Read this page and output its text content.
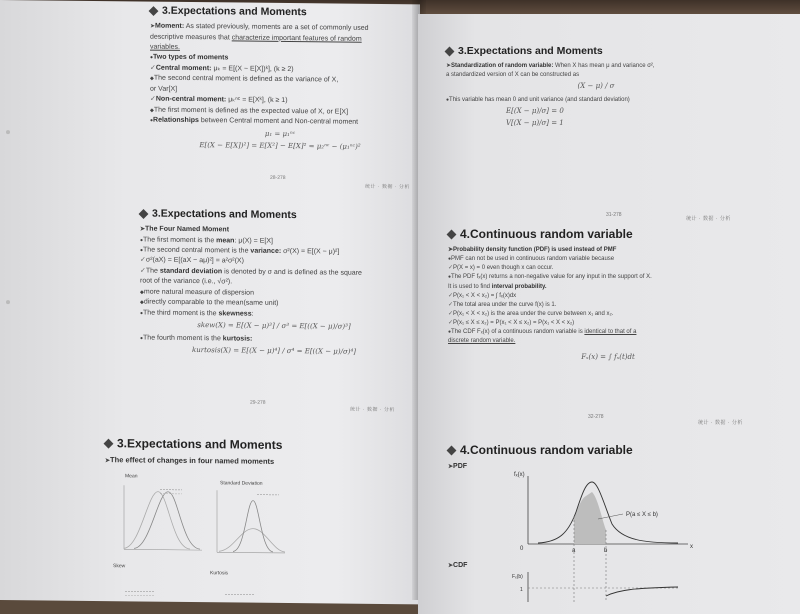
3.Expectations and Moments
➤ Moment: As stated previously, moments are a set of commonly used
descriptive measures that characterize important features of random
variables.
● Two types of moments
✓ Central moment: μₖ = E[(X − E[X])ᵏ], (k ≥ 2)
◆ The second central moment is defined as the variance of X,
or Var[X]
✓ Non-central moment: μₖⁿᶜ = E[Xᵏ], (k ≥ 1)
◆ The first moment is defined as the expected value of X, or E[X]
● Relationships between Central moment and Non-central moment
μ₁ = μ₁ⁿᶜ
E[(X − E[X])²] = E[X²] − E[X]² = μ₂ⁿᶜ − (μ₁ⁿᶜ)²
28-278
统计 · 数据 · 分析
3.Expectations and Moments
➤ The Four Named Moment
● The first moment is the mean: μ(X) = E[X]
● The second central moment is the variance: σ²(X) = E[(X − μ)²]
✓ σ²(aX) = E[(aX − aμ)²] = a²σ²(X)
✓ The standard deviation is denoted by σ and is defined as the square
root of the variance (i.e., √σ²).
◆ more natural measure of dispersion
◆ directly comparable to the mean(same unit)
● The third moment is the skewness:
skew(X) = E[(X − μ)³] / σ³ = E[((X − μ)/σ)³]
● The fourth moment is the kurtosis:
kurtosis(X) = E[(X − μ)⁴] / σ⁴ = E[((X − μ)/σ)⁴]
29-278
统计 · 数据 · 分析
3.Expectations and Moments
➤ The effect of changes in four named moments
Mean
Standard Deviation
Skew
Kurtosis
3.Expectations and Moments
➤ Standardization of random variable: When X has mean μ and variance σ²,
a standardized version of X can be constructed as
(X − μ) / σ
● This variable has mean 0 and unit variance (and standard deviation)
E[(X − μ)/σ] = 0
V[(X − μ)/σ] = 1
31-278
统计 · 数据 · 分析
4.Continuous random variable
➤ Probability density function (PDF) is used instead of PMF
● PMF can not be used in continuous random variable because
✓ P(X = x) = 0 even though x can occur.
● The PDF fₓ(x) returns a non-negative value for any input in the support of X.
It is used to find interval probability.
✓ P(x₁ < X < x₂) = ∫ fₓ(x)dx
✓ The total area under the curve f(x) is 1.
✓ P(x₁ < X < x₂) is the area under the curve between x₁ and x₂.
✓ P(x₁ ≤ X ≤ x₂) = P(x₁ < X ≤ x₂) = P(x₁ < X < x₂)
● The CDF Fₓ(x) of a continuous random variable is identical to that of a
discrete random variable.
Fₓ(x) = ∫ fₓ(t)dt
32-278
统计 · 数据 · 分析
4.Continuous random variable
➤ PDF
➤ CDF
fₓ(x)
P(a ≤ X ≤ b)
x
0	a	b
Fₓ(b)
1
